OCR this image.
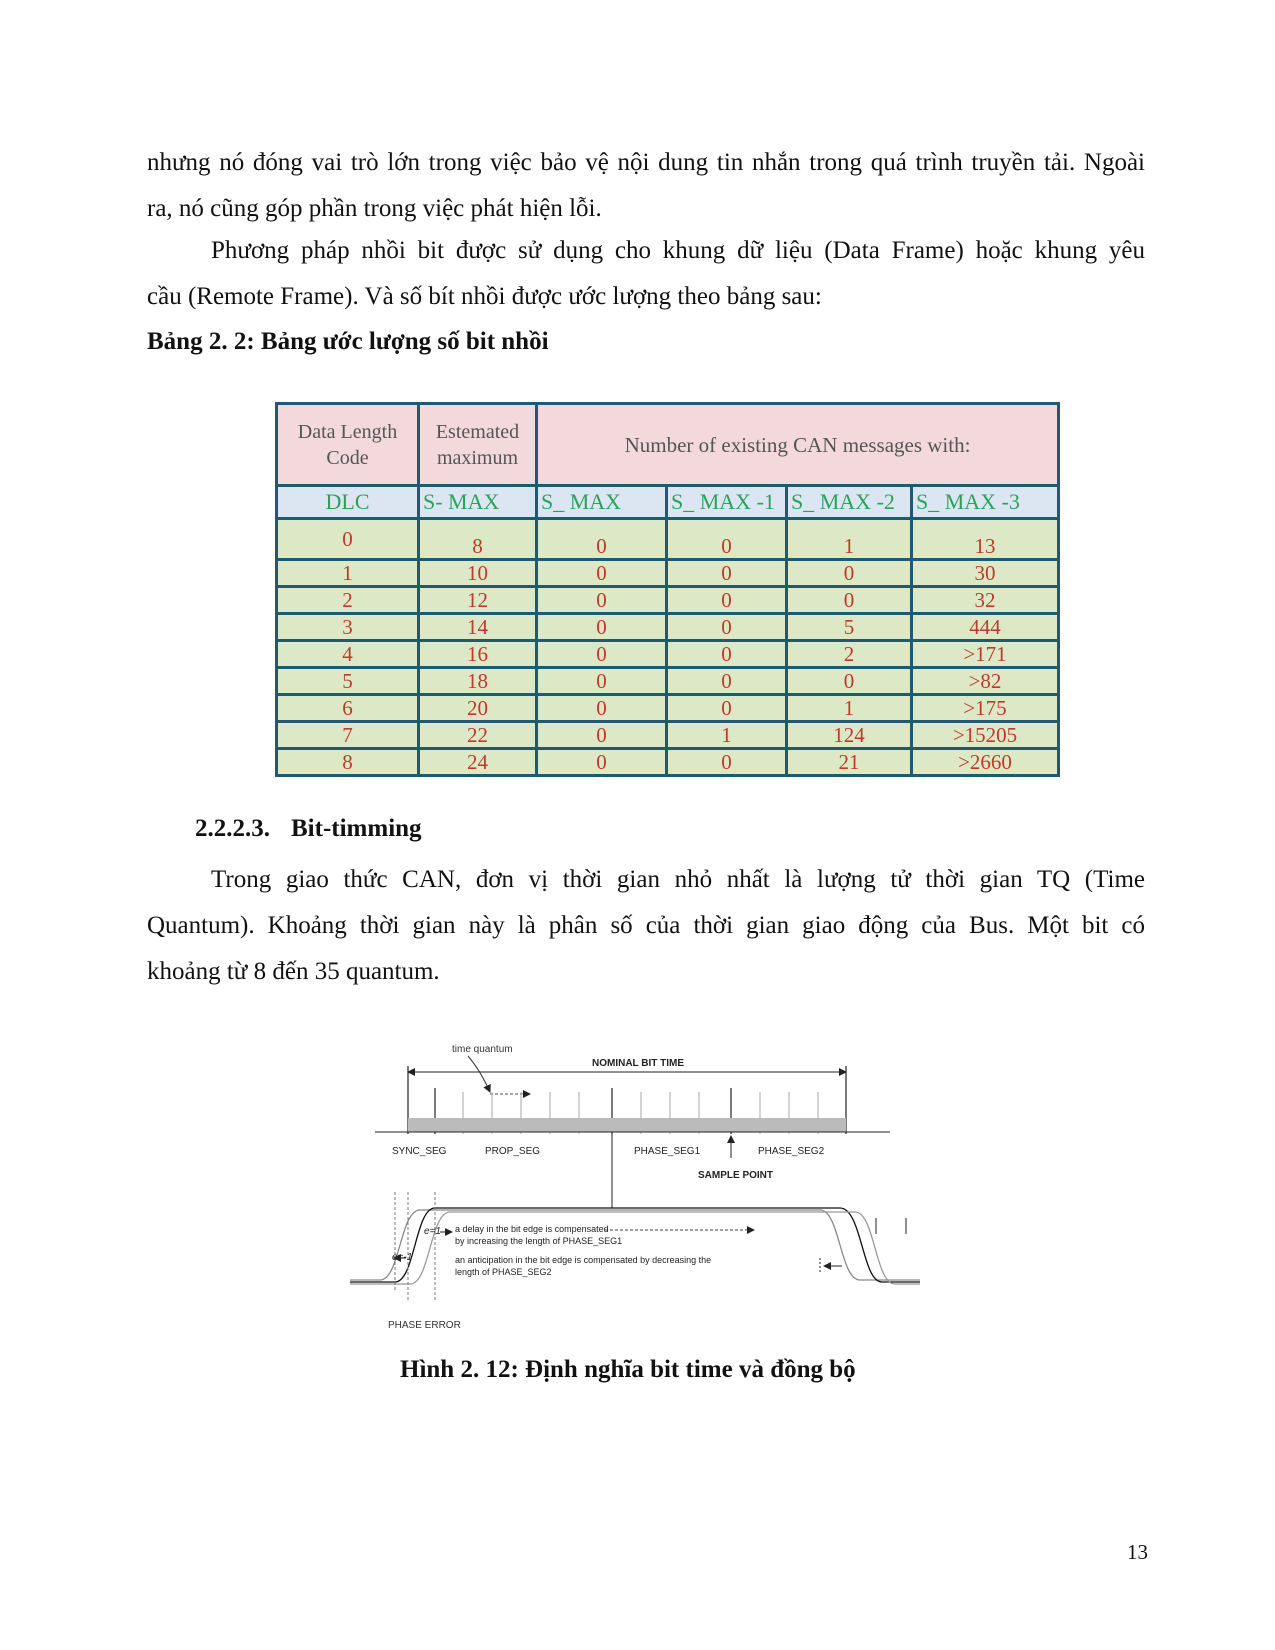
nhưng nó đóng vai trò lớn trong việc bảo vệ nội dung tin nhắn trong quá trình truyền tải. Ngoài

ra, nó cũng góp phần trong việc phát hiện lỗi.

Phương pháp nhồi bit được sử dụng cho khung dữ liệu (Data Frame) hoặc khung yêu

cầu (Remote Frame). Và số bít nhồi được ước lượng theo bảng sau:

Bảng 2. 2: Bảng ước lượng số bit nhồi

Data Length Code	Estemated maximum	Number of existing CAN messages with:			
DLC	S- MAX	S_ MAX	S_ MAX -1	S_ MAX -2	S_ MAX -3
0	8	0	0	1	13
1	10	0	0	0	30
2	12	0	0	0	32
3	14	0	0	5	444
4	16	0	0	2	>171
5	18	0	0	0	>82
6	20	0	0	1	>175
7	22	0	1	124	>15205
8	24	0	0	21	>2660

2.2.2.3. Bit-timming

Trong giao thức CAN, đơn vị thời gian nhỏ nhất là lượng tử thời gian TQ (Time

Quantum). Khoảng thời gian này là phân số của thời gian giao động của Bus. Một bit có

khoảng từ 8 đến 35 quantum.

time quantum
NOMINAL BIT TIME
SYNC_SEG	PROP_SEG	PHASE_SEG1	PHASE_SEG2
SAMPLE POINT
e=1
e=-1
a delay in the bit edge is compensated
by increasing the length of PHASE_SEG1
an anticipation in the bit edge is compensated by decreasing the
length of PHASE_SEG2
PHASE ERROR

Hình 2. 12: Định nghĩa bit time và đồng bộ

13
